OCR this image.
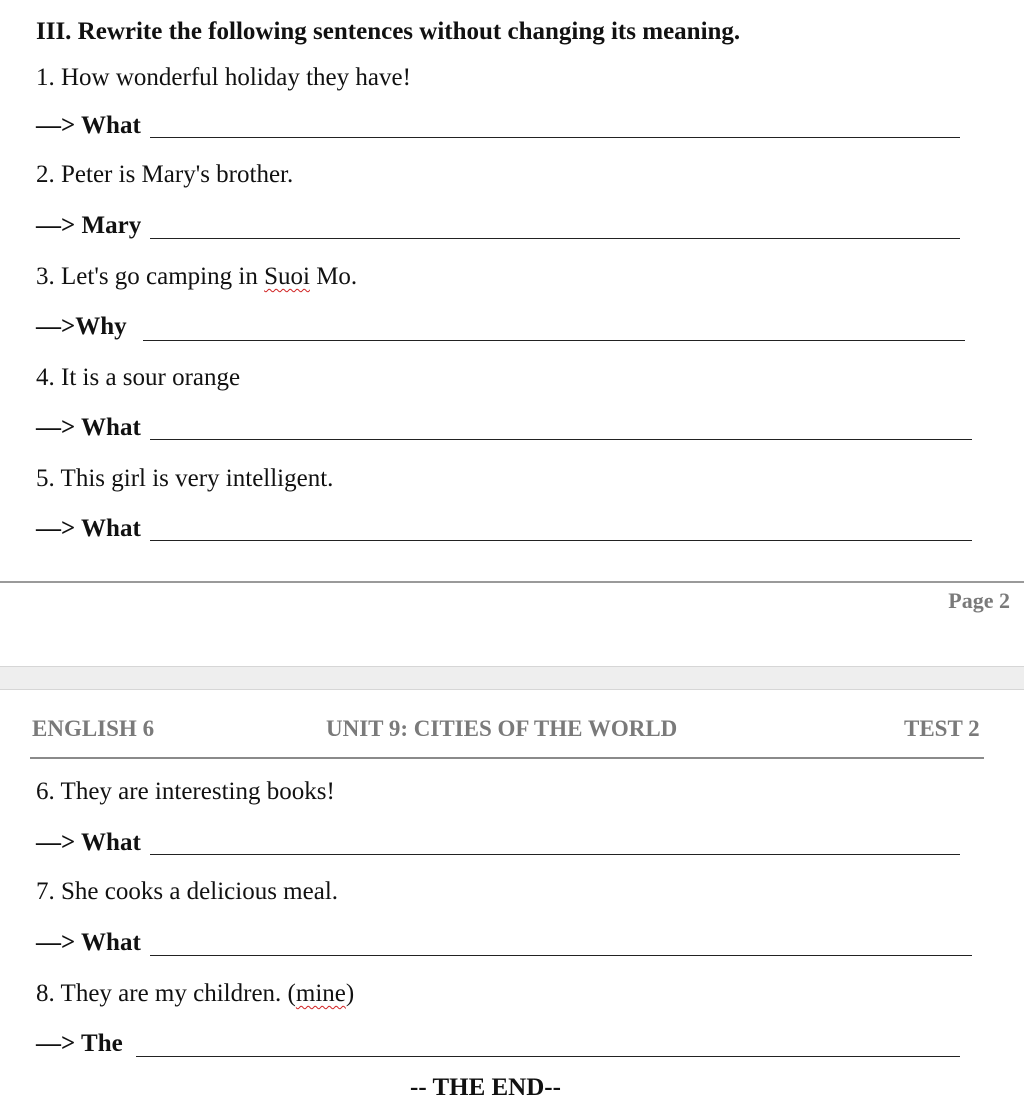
III. Rewrite the following sentences without changing its meaning.
1. How wonderful holiday they have!
—> What
2. Peter is Mary's brother.
—> Mary
3. Let's go camping in Suoi Mo.
—>Why
4. It is a sour orange
—> What
5. This girl is very intelligent.
—> What
Page 2
ENGLISH 6	UNIT 9: CITIES OF THE WORLD	TEST 2
6. They are interesting books!
—> What
7. She cooks a delicious meal.
—> What
8. They are my children. (mine)
—> The
-- THE END--
